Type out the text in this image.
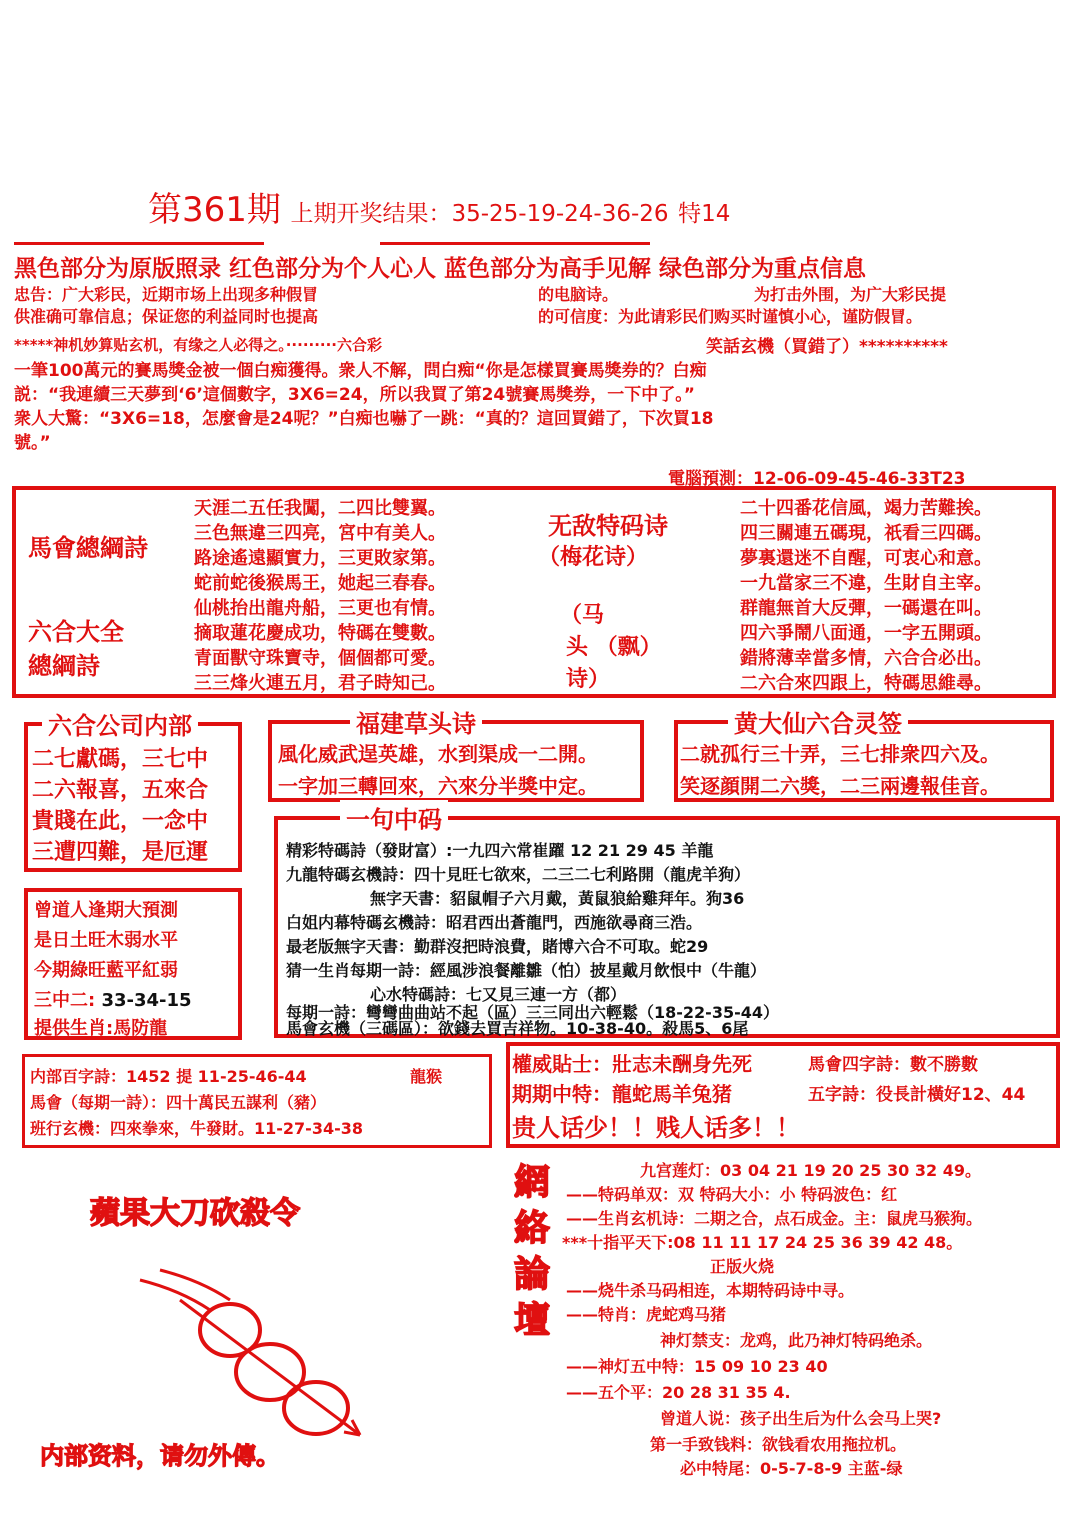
第361期 上期开奖结果：35-25-19-24-36-26 特14
黑色部分为原版照录 红色部分为个人心人 蓝色部分为高手见解 绿色部分为重点信息
忠告：广大彩民，近期市场上出现多种假冒	的电脑诗。	为打击外围，为广大彩民提
供准确可靠信息；保证您的利益同时也提高	的可信度：为此请彩民们购买时谨慎小心，谨防假冒。
*****神机妙算贴玄机，有缘之人必得之。·········六合彩	笑話玄機（買錯了）**********
一筆100萬元的賽馬獎金被一個白痴獲得。衆人不解，問白痴“你是怎樣買賽馬獎券的？白痴
説：“我連續三天夢到‘6’這個數字，3X6=24，所以我買了第24號賽馬獎券，一下中了。”
衆人大驚：“3X6=18，怎麼會是24呢？”白痴也嚇了一跳：“真的？這回買錯了，下次買18
號。”
電腦預測：12-06-09-45-46-33T23
馬會總綱詩
六合大全
總綱詩
天涯二五任我闖，二四比雙翼。
三色無違三四亮，宮中有美人。
路途遙遠顯實力，三更敗家第。
蛇前蛇後猴馬王，她起三春春。
仙桃抬出龍舟船，三更也有情。
摘取蓮花慶成功，特碼在雙數。
青面獸守珠寶寺，個個都可愛。
三三烽火連五月，君子時知己。
无敌特码诗
（梅花诗）
（马
头 （飘）
诗）
二十四番花信風，竭力苦難挨。
四三關連五碼現，祇看三四碼。
夢裏還迷不自醒，可衷心和意。
一九當家三不違，生財自主宰。
群龍無首大反彈，一碼還在叫。
四六爭鬧八面通，一字五開頭。
錯將薄幸當多情，六合合必出。
二六合來四跟上，特碼思維尋。
六合公司内部
二七獻碼，三七中
二六報喜，五來合
貴賤在此，一念中
三遭四難，是厄運
福建草头诗
風化威武逞英雄，水到渠成一二開。
一字加三轉回來，六來分半獎中定。
黄大仙六合灵签
二就孤行三十弄，三七排衆四六及。
笑逐顔開二六獎，二三兩邊報佳音。
一句中码
精彩特碼詩（發財富）:一九四六常崔躍 12 21 29 45 羊龍
九龍特碼玄機詩：四十見旺七欲來，二三二七利路開（龍虎羊狗）
無字天書：貂鼠帽子六月戴，黃鼠狼給雞拜年。狗36
白姐内幕特碼玄機詩：昭君西出蒼龍門，西施欲尋商三浩。
最老版無字天書：勤群沒把時浪費，賭博六合不可取。蛇29
猜一生肖每期一詩：經風涉浪餐離雛（怕）披星戴月飲恨中（牛龍）
心水特碼詩：七又見三連一方（都）
每期一詩：彎彎曲曲站不起（區）三三同出六輕鬆（18-22-35-44）
馬會玄機（三碼區）：欲錢去買吉祥物。10-38-40。殺馬5、6尾
曾道人逢期大預測
是日土旺木弱水平
今期綠旺藍平紅弱
三中二: 33-34-15
提供生肖:馬防龍
内部百字詩：1452 提 11-25-46-44	龍猴
馬會（每期一詩）：四十萬民五謀利（豬）
班行玄機：四來拳來，牛發財。11-27-34-38
權威貼士：壯志未酬身先死	馬會四字詩：數不勝數
期期中特：龍蛇馬羊兔猪	五字詩：役長計橫好12、44
贵人话少！！贱人话多！！
蘋果大刀砍殺令
内部资料，请勿外傳。
網
絡
論
壇
九宫莲灯：03 04 21 19 20 25 30 32 49。
——特码单双：双 特码大小：小 特码波色：红
——生肖玄机诗：二期之合，点石成金。主：鼠虎马猴狗。
***十指平天下:08 11 11 17 24 25 36 39 42 48。
正版火烧
——烧牛杀马码相连，本期特码诗中寻。
——特肖：虎蛇鸡马猪
神灯禁支：龙鸡，此乃神灯特码绝杀。
——神灯五中特：15 09 10 23 40
——五个平：20 28 31 35 4.
曾道人说：孩子出生后为什么会马上哭?
第一手致钱料：欲钱看农用拖拉机。
必中特尾：0-5-7-8-9 主蓝-绿
